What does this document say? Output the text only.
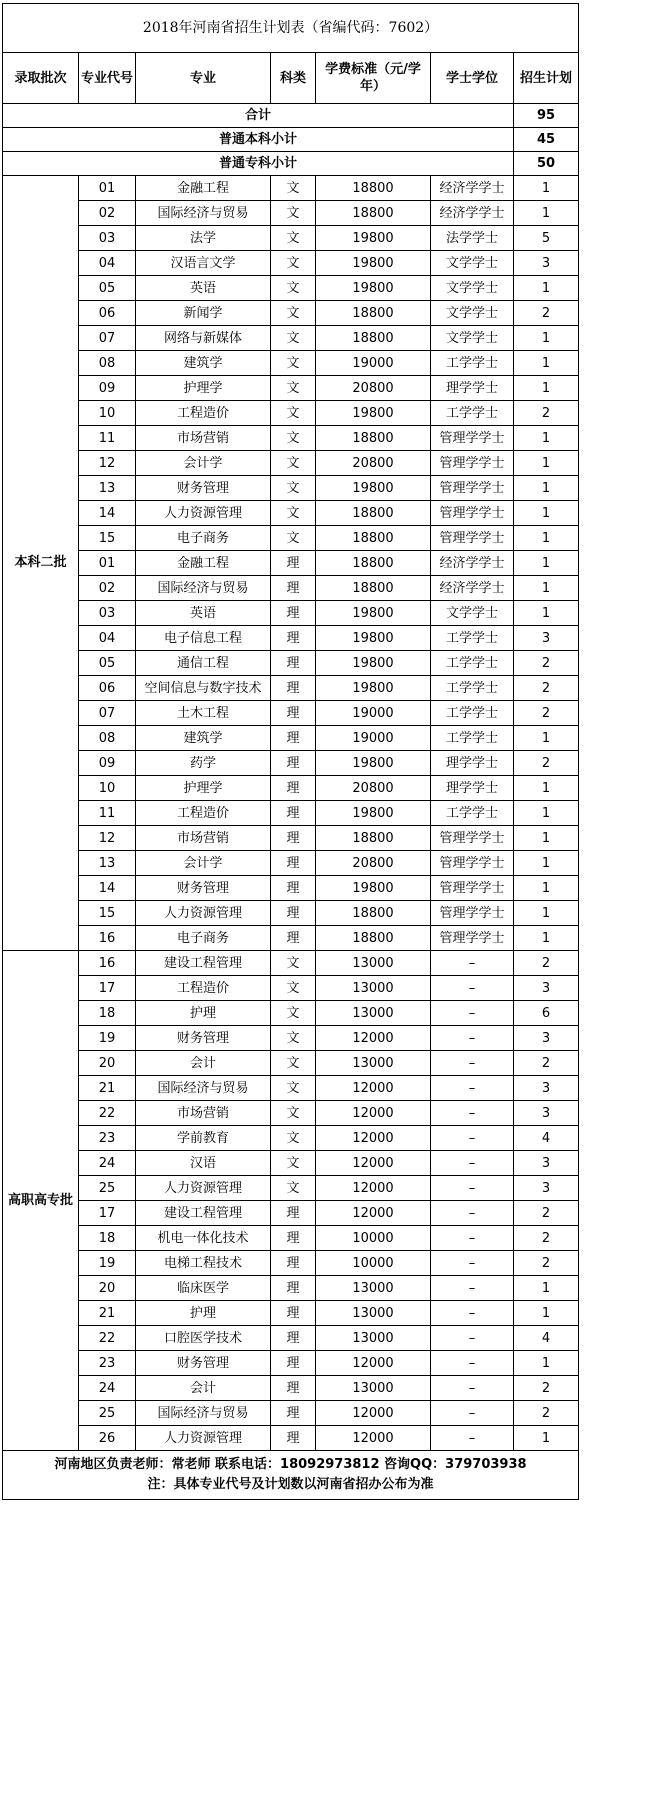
2018年河南省招生计划表（省编代码：7602）						
录取批次	专业代号	专业	科类	学费标准（元/学年）	学士学位	招生计划
合计						95
普通本科小计						45
普通专科小计						50
本科二批	01	金融工程	文	18800	经济学学士	1
	02	国际经济与贸易	文	18800	经济学学士	1
	03	法学	文	19800	法学学士	5
	04	汉语言文学	文	19800	文学学士	3
	05	英语	文	19800	文学学士	1
	06	新闻学	文	18800	文学学士	2
	07	网络与新媒体	文	18800	文学学士	1
	08	建筑学	文	19000	工学学士	1
	09	护理学	文	20800	理学学士	1
	10	工程造价	文	19800	工学学士	2
	11	市场营销	文	18800	管理学学士	1
	12	会计学	文	20800	管理学学士	1
	13	财务管理	文	19800	管理学学士	1
	14	人力资源管理	文	18800	管理学学士	1
	15	电子商务	文	18800	管理学学士	1
	01	金融工程	理	18800	经济学学士	1
	02	国际经济与贸易	理	18800	经济学学士	1
	03	英语	理	19800	文学学士	1
	04	电子信息工程	理	19800	工学学士	3
	05	通信工程	理	19800	工学学士	2
	06	空间信息与数字技术	理	19800	工学学士	2
	07	土木工程	理	19000	工学学士	2
	08	建筑学	理	19000	工学学士	1
	09	药学	理	19800	理学学士	2
	10	护理学	理	20800	理学学士	1
	11	工程造价	理	19800	工学学士	1
	12	市场营销	理	18800	管理学学士	1
	13	会计学	理	20800	管理学学士	1
	14	财务管理	理	19800	管理学学士	1
	15	人力资源管理	理	18800	管理学学士	1
	16	电子商务	理	18800	管理学学士	1
高职高专批	16	建设工程管理	文	13000	–	2
	17	工程造价	文	13000	–	3
	18	护理	文	13000	–	6
	19	财务管理	文	12000	–	3
	20	会计	文	13000	–	2
	21	国际经济与贸易	文	12000	–	3
	22	市场营销	文	12000	–	3
	23	学前教育	文	12000	–	4
	24	汉语	文	12000	–	3
	25	人力资源管理	文	12000	–	3
	17	建设工程管理	理	12000	–	2
	18	机电一体化技术	理	10000	–	2
	19	电梯工程技术	理	10000	–	2
	20	临床医学	理	13000	–	1
	21	护理	理	13000	–	1
	22	口腔医学技术	理	13000	–	4
	23	财务管理	理	12000	–	1
	24	会计	理	13000	–	2
	25	国际经济与贸易	理	12000	–	2
	26	人力资源管理	理	12000	–	1

河南地区负责老师：常老师 联系电话：18092973812 咨询QQ：379703938
注：具体专业代号及计划数以河南省招办公布为准						
